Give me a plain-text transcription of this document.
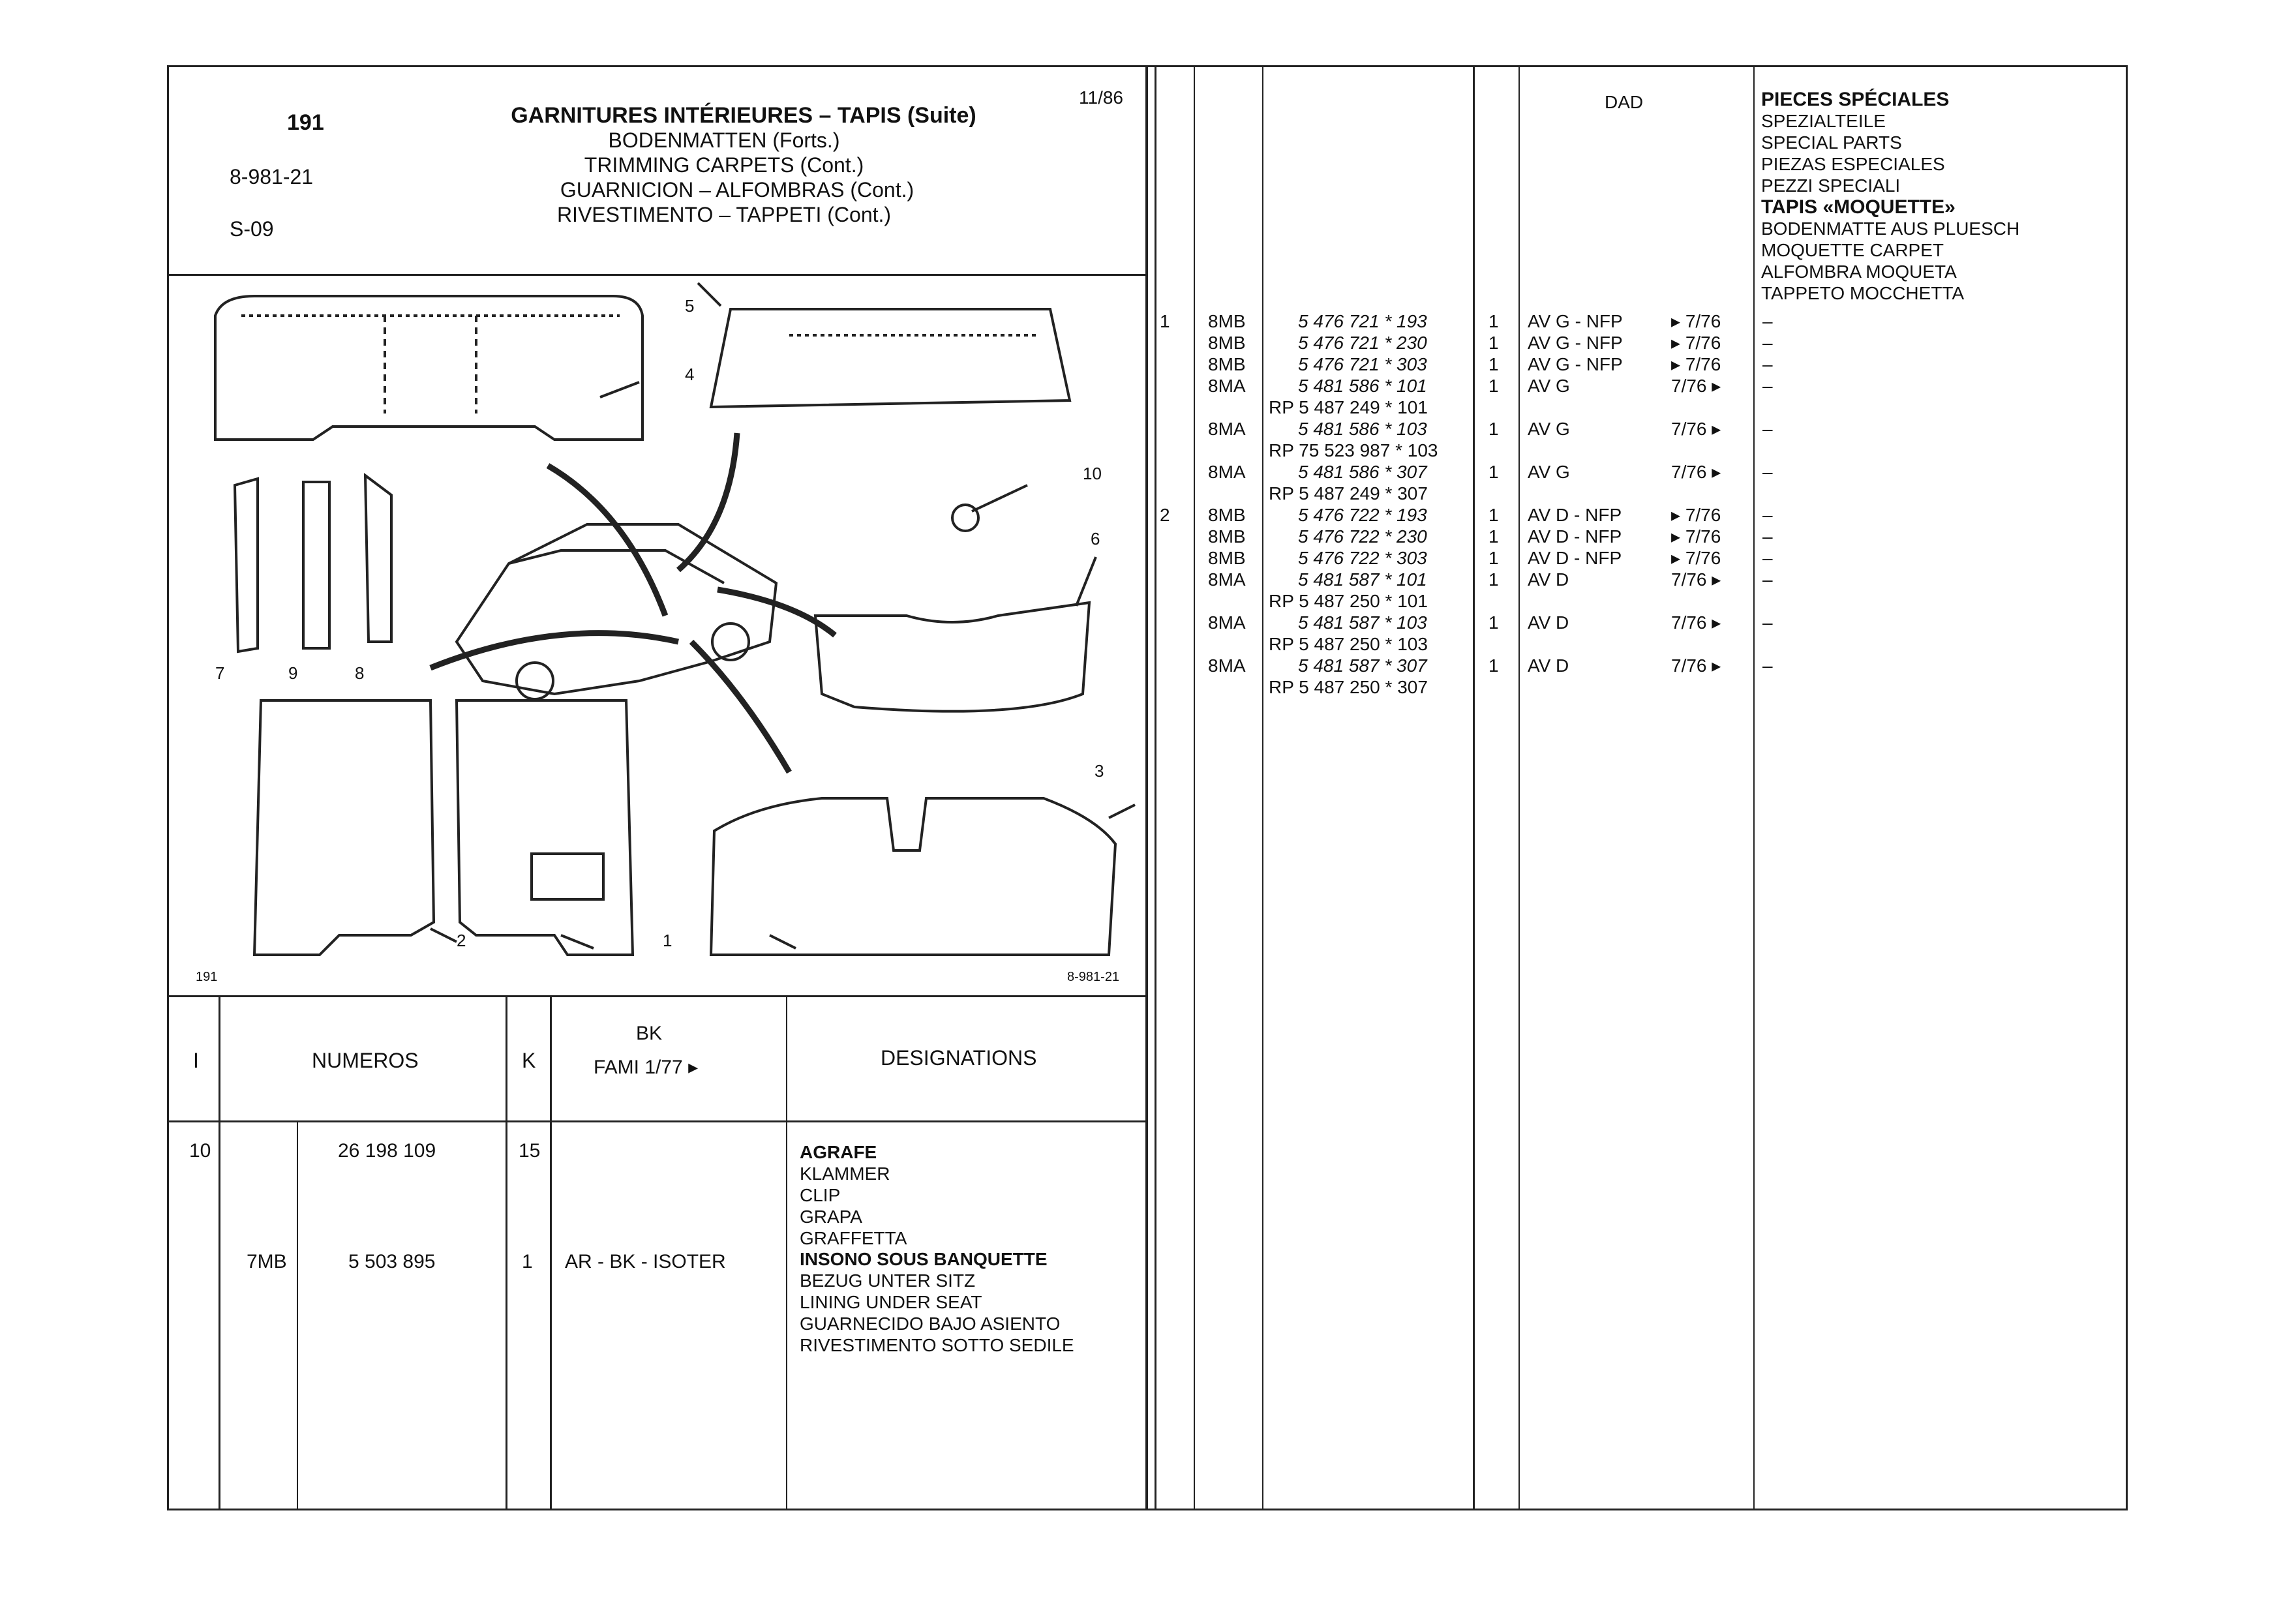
191
8-981-21
S-09
11/86
GARNITURES INTÉRIEURES – TAPIS (Suite)
BODENMATTEN (Forts.)
TRIMMING CARPETS (Cont.)
GUARNICION – ALFOMBRAS (Cont.)
RIVESTIMENTO – TAPPETI (Cont.)
4
5
10
6
7	9	8
3
2	1
191	8-981-21
I	NUMEROS	K
BK
FAMI 1/77 ▸	DESIGNATIONS
10	26 198 109	15	AGRAFE
KLAMMER
CLIP
GRAPA
GRAFFETTA
7MB	5 503 895	1 AR - BK - ISOTER	INSONO SOUS BANQUETTE
BEZUG UNTER SITZ
LINING UNDER SEAT
GUARNECIDO BAJO ASIENTO
RIVESTIMENTO SOTTO SEDILE
DAD	PIECES SPÉCIALES
SPEZIALTEILE
SPECIAL PARTS
PIEZAS ESPECIALES
PEZZI SPECIALI
TAPIS «MOQUETTE»
BODENMATTE AUS PLUESCH
MOQUETTE CARPET
ALFOMBRA MOQUETA
TAPPETO MOCCHETTA
1 8MB	5 476 721 * 193	1 AV G - NFP	▸ 7/76 –
8MB	5 476 721 * 230	1 AV G - NFP	▸ 7/76 –
8MB	5 476 721 * 303	1 AV G - NFP	▸ 7/76 –
8MA	5 481 586 * 101	1 AV G	7/76 ▸ –
RP 5 487 249 * 101
8MA	5 481 586 * 103	1 AV G	7/76 ▸ –
RP 75 523 987 * 103
8MA	5 481 586 * 307	1 AV G	7/76 ▸ –
RP 5 487 249 * 307
2 8MB	5 476 722 * 193	1 AV D - NFP	▸ 7/76 –
8MB	5 476 722 * 230	1 AV D - NFP	▸ 7/76 –
8MB	5 476 722 * 303	1 AV D - NFP	▸ 7/76 –
8MA	5 481 587 * 101	1 AV D	7/76 ▸ –
RP 5 487 250 * 101
8MA	5 481 587 * 103	1 AV D	7/76 ▸ –
RP 5 487 250 * 103
8MA	5 481 587 * 307	1 AV D	7/76 ▸ –
RP 5 487 250 * 307
